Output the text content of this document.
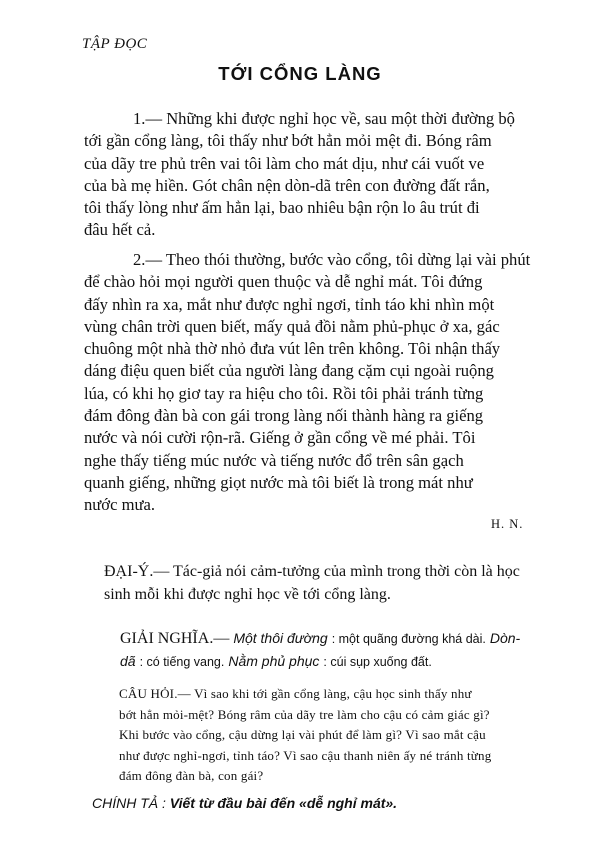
TẬP ĐỌC
TỚI CỔNG LÀNG
1.— Những khi được nghỉ học về, sau một thời đường bộ
tới gần cổng làng, tôi thấy như bớt hẳn mỏi mệt đi. Bóng râm
của dãy tre phủ trên vai tôi làm cho mát dịu, như cái vuốt ve
của bà mẹ hiền. Gót chân nện dòn-dã trên con đường đất rắn,
tôi thấy lòng như ấm hẳn lại, bao nhiêu bận rộn lo âu trút đi
đâu hết cả.
2.— Theo thói thường, bước vào cổng, tôi dừng lại vài phút
để chào hỏi mọi người quen thuộc và dễ nghỉ mát. Tôi đứng
đấy nhìn ra xa, mắt như được nghỉ ngơi, tỉnh táo khi nhìn một
vùng chân trời quen biết, mấy quả đồi nằm phủ-phục ở xa, gác
chuông một nhà thờ nhỏ đưa vút lên trên không. Tôi nhận thấy
dáng điệu quen biết của người làng đang cặm cụi ngoài ruộng
lúa, có khi họ giơ tay ra hiệu cho tôi. Rồi tôi phải tránh từng
đám đông đàn bà con gái trong làng nối thành hàng ra giếng
nước và nói cười rộn-rã. Giếng ở gần cổng về mé phải. Tôi
nghe thấy tiếng múc nước và tiếng nước đổ trên sân gạch
quanh giếng, những giọt nước mà tôi biết là trong mát như
nước mưa.
H. N.
ĐẠI-Ý.— Tác-giả nói cảm-tưởng của mình trong thời còn là học
sinh mỗi khi được nghỉ học về tới cổng làng.
GIẢI NGHĨA.— Một thôi đường : một quãng đường khá dài. Dòn-
dã : có tiếng vang. Nằm phủ phục : cúi sụp xuống đất.
CÂU HỎI.— Vì sao khi tới gần cổng làng, cậu học sinh thấy như
bớt hẳn mỏi-mệt? Bóng râm của dãy tre làm cho cậu có cảm giác gì?
Khi bước vào cổng, cậu dừng lại vài phút để làm gì? Vì sao mắt cậu
như được nghỉ-ngơi, tỉnh táo? Vì sao cậu thanh niên ấy né tránh từng
đám đông đàn bà, con gái?
CHÍNH TẢ : Viết từ đầu bài đến «dễ nghỉ mát».
